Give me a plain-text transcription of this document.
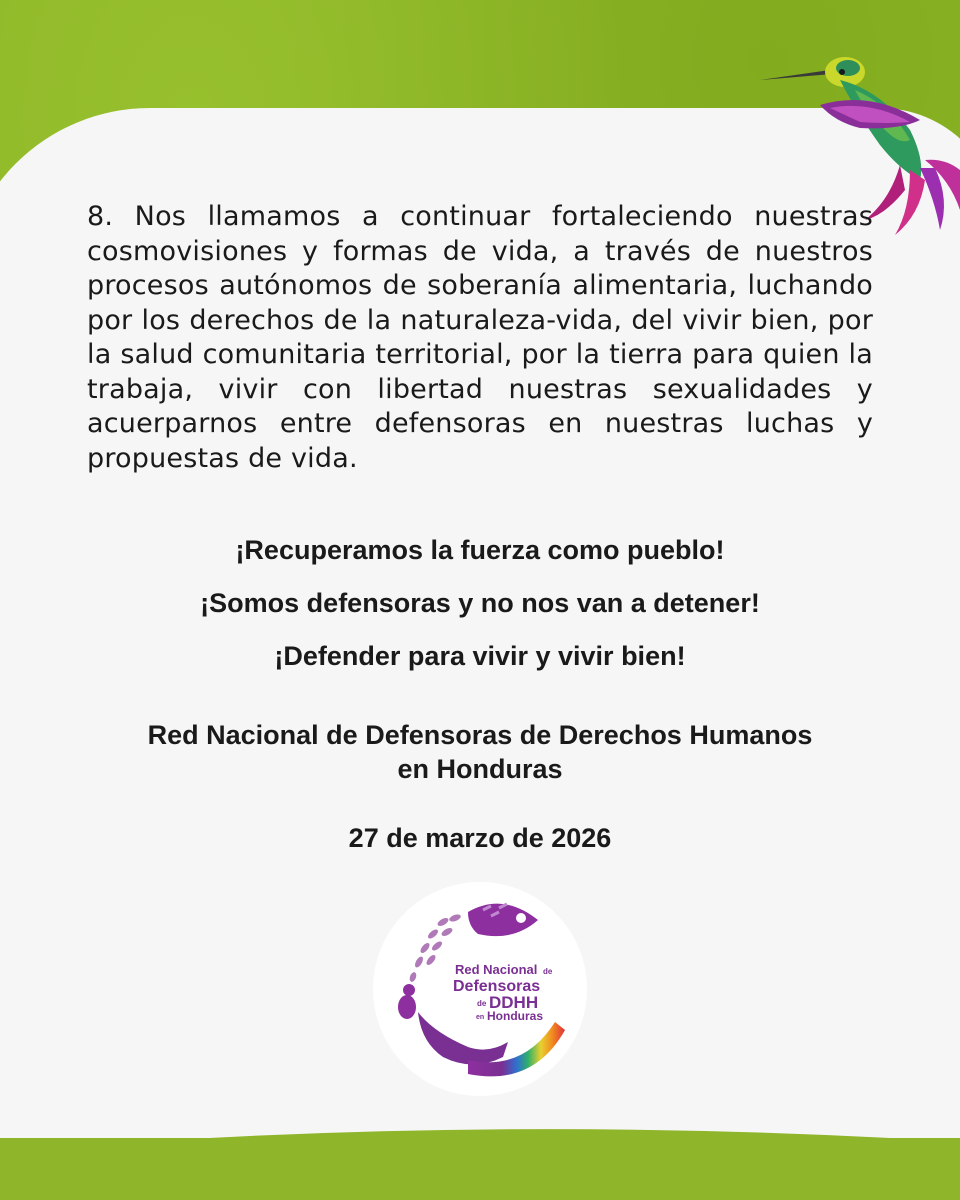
8. Nos llamamos a continuar fortaleciendo nuestras cosmovisiones y formas de vida, a través de nuestros procesos autónomos de soberanía alimentaria, luchando por los derechos de la naturaleza-vida, del vivir bien, por la salud comunitaria territorial, por la tierra para quien la trabaja, vivir con libertad nuestras sexualidades y acuerparnos entre defensoras en nuestras luchas y propuestas de vida.
¡Recuperamos la fuerza como pueblo!
¡Somos defensoras y no nos van a detener!
¡Defender para vivir y vivir bien!
Red Nacional de Defensoras de Derechos Humanos
en Honduras
27 de marzo de 2026
Red Nacional de
Defensoras
de DDHH
en Honduras
